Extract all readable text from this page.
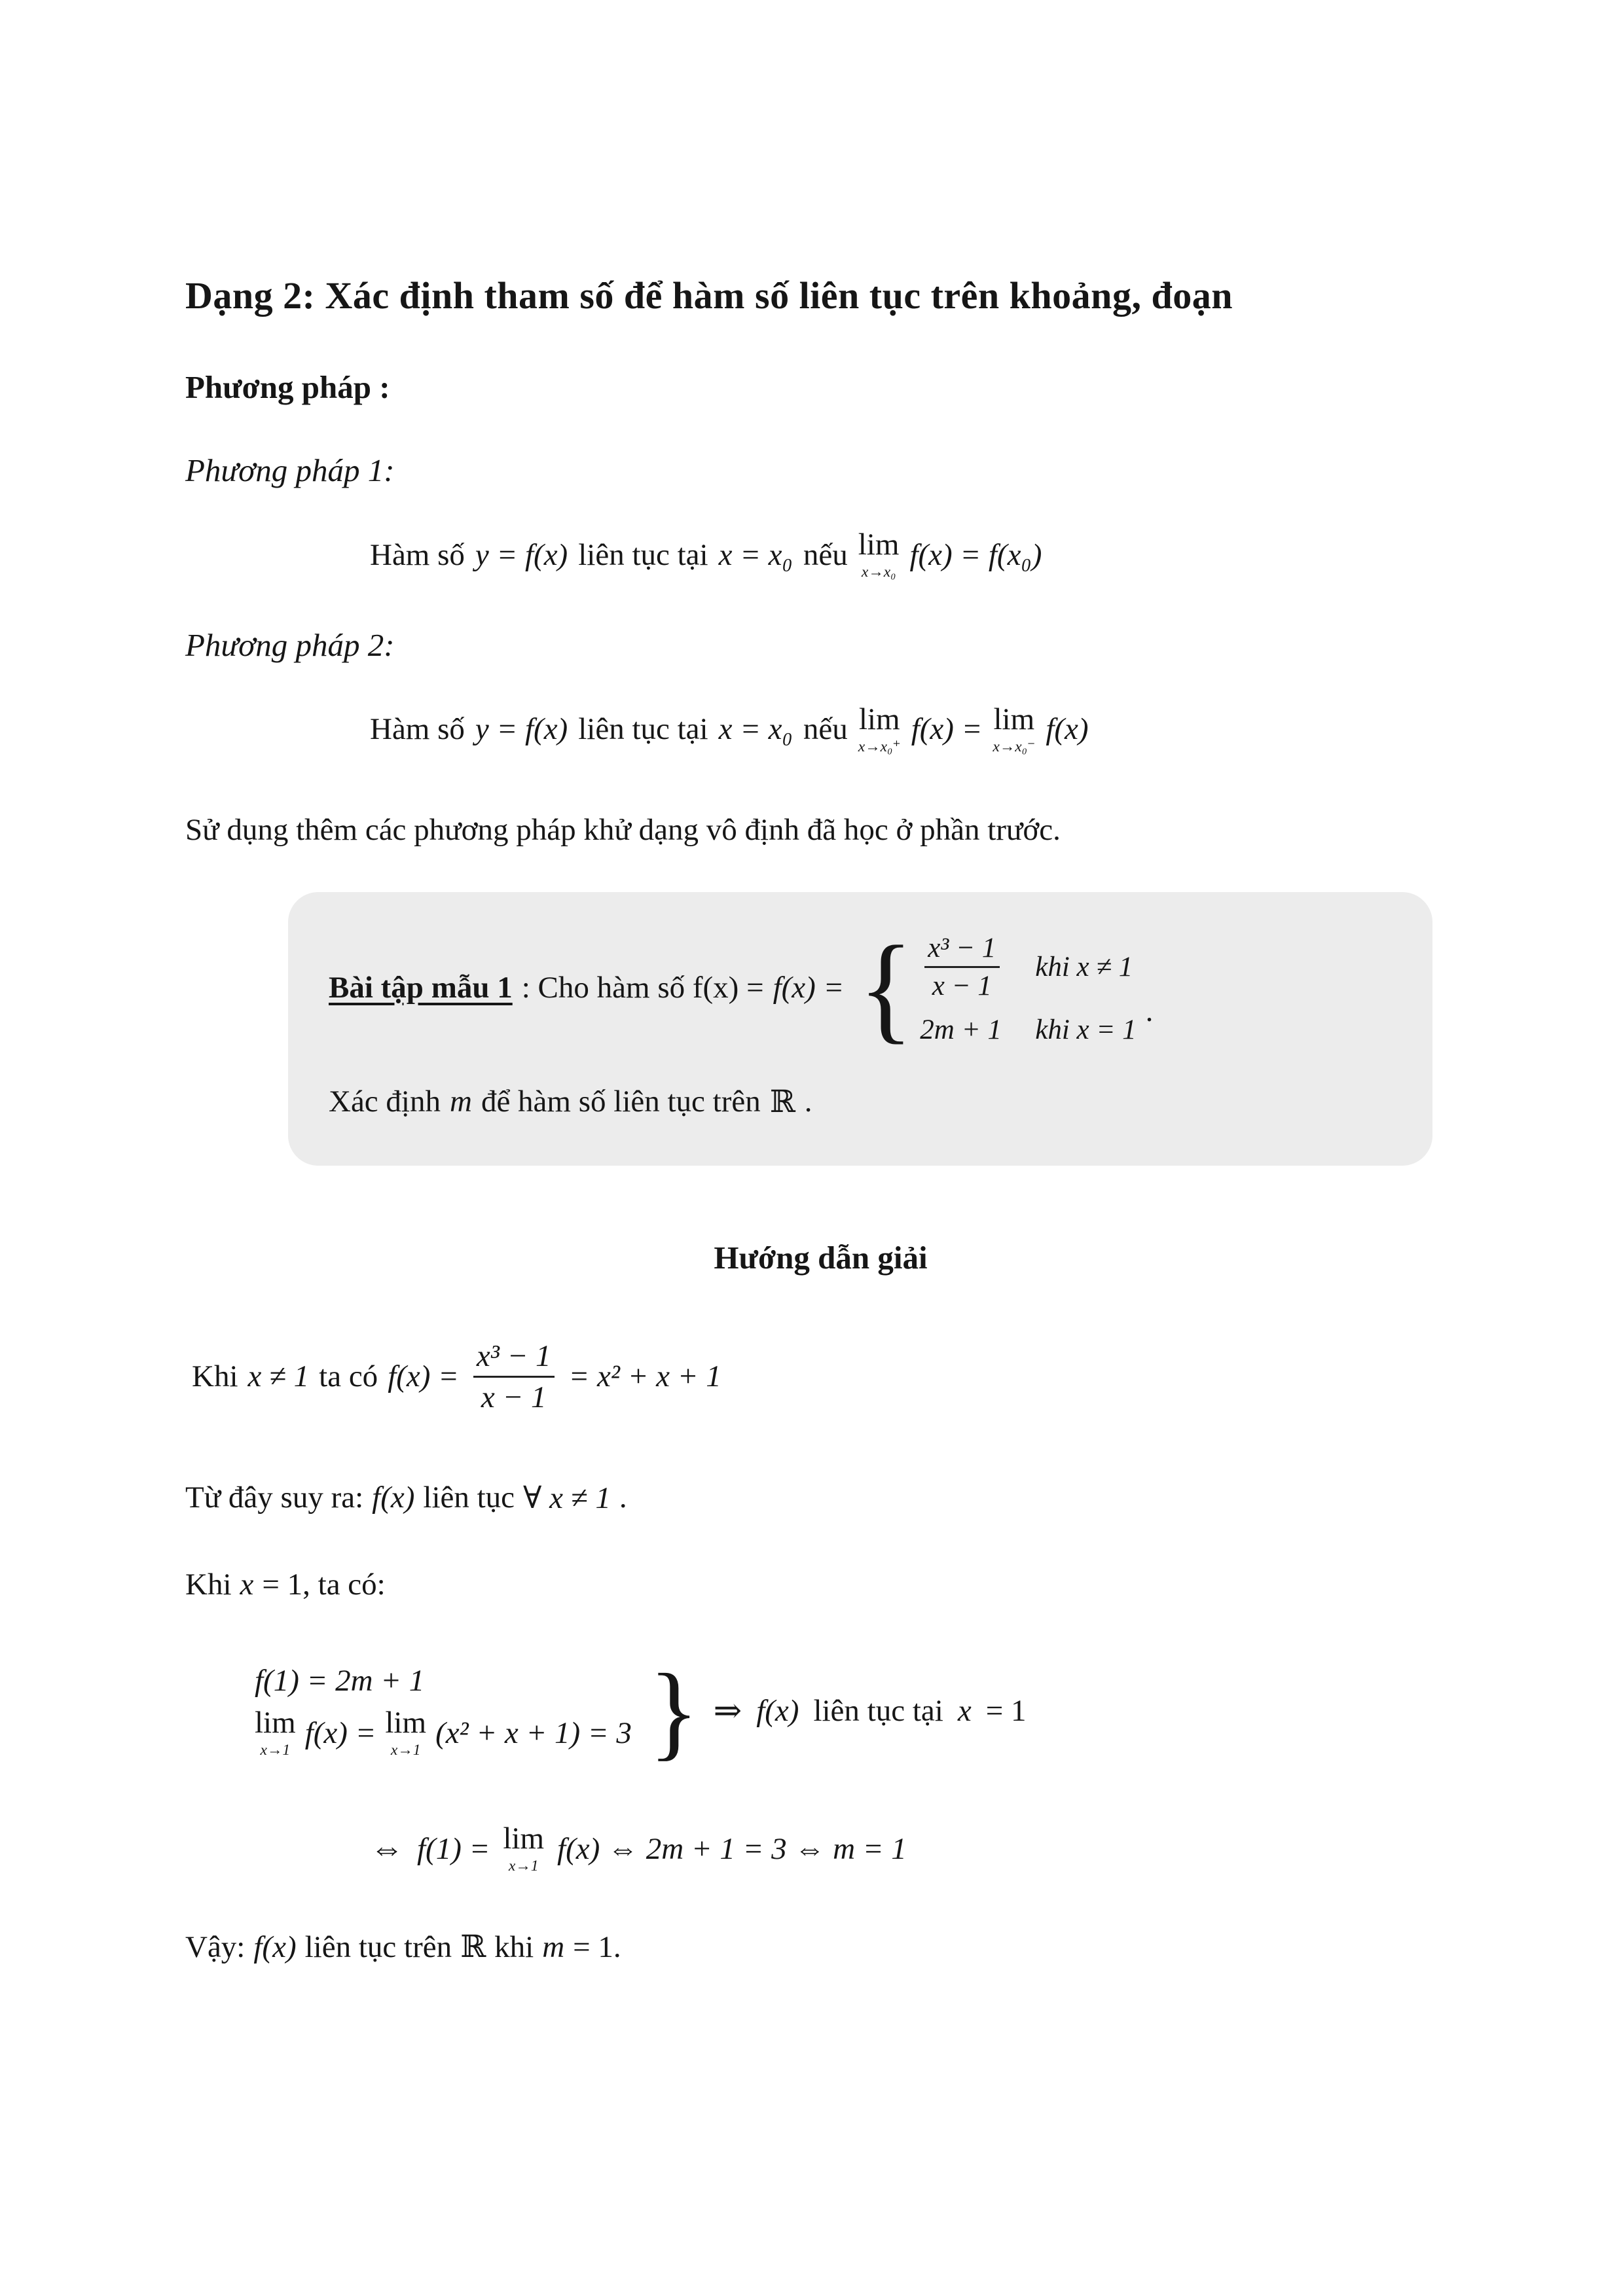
Dạng 2: Xác định tham số để hàm số liên tục trên khoảng, đoạn

Phương pháp :

Phương pháp 1:

Hàm số y = f(x) liên tục tại x = x₀ nếu lim
x→x₀
f(x) = f(x₀)

Phương pháp 2:

Hàm số y = f(x) liên tục tại x = x₀ nếu lim
x→x₀⁺
f(x) = lim
x→x₀⁻
f(x)

Sử dụng thêm các phương pháp khử dạng vô định đã học ở phần trước.

Bài tập mẫu 1 : Cho hàm số f(x) = f(x) = { $\frac{\text{x³ − 1}}{x - 1}$ khi x ≠ 1
2m + 1 khi x = 1
.
Xác định m để hàm số liên tục trên ℝ .

Hướng dẫn giải

Khi x ≠ 1 ta có $f(x) = \frac{\text{x³ − 1}}{x - 1} = x^2 + x + 1$
Từ đây suy ra: f(x) liên tục ∀ x ≠ 1 .
Khi x = 1, ta có:
f(1) = 2m + 1
lim
x→1
f(x) = lim
x→1
(x² + x + 1) = 3 } ⇒ f(x) liên tục tại x = 1
⇔ f(1) = lim
x→1
f(x) ⇔ 2m + 1 = 3 ⇔ m = 1
Vậy: f(x) liên tục trên ℝ khi m = 1.
